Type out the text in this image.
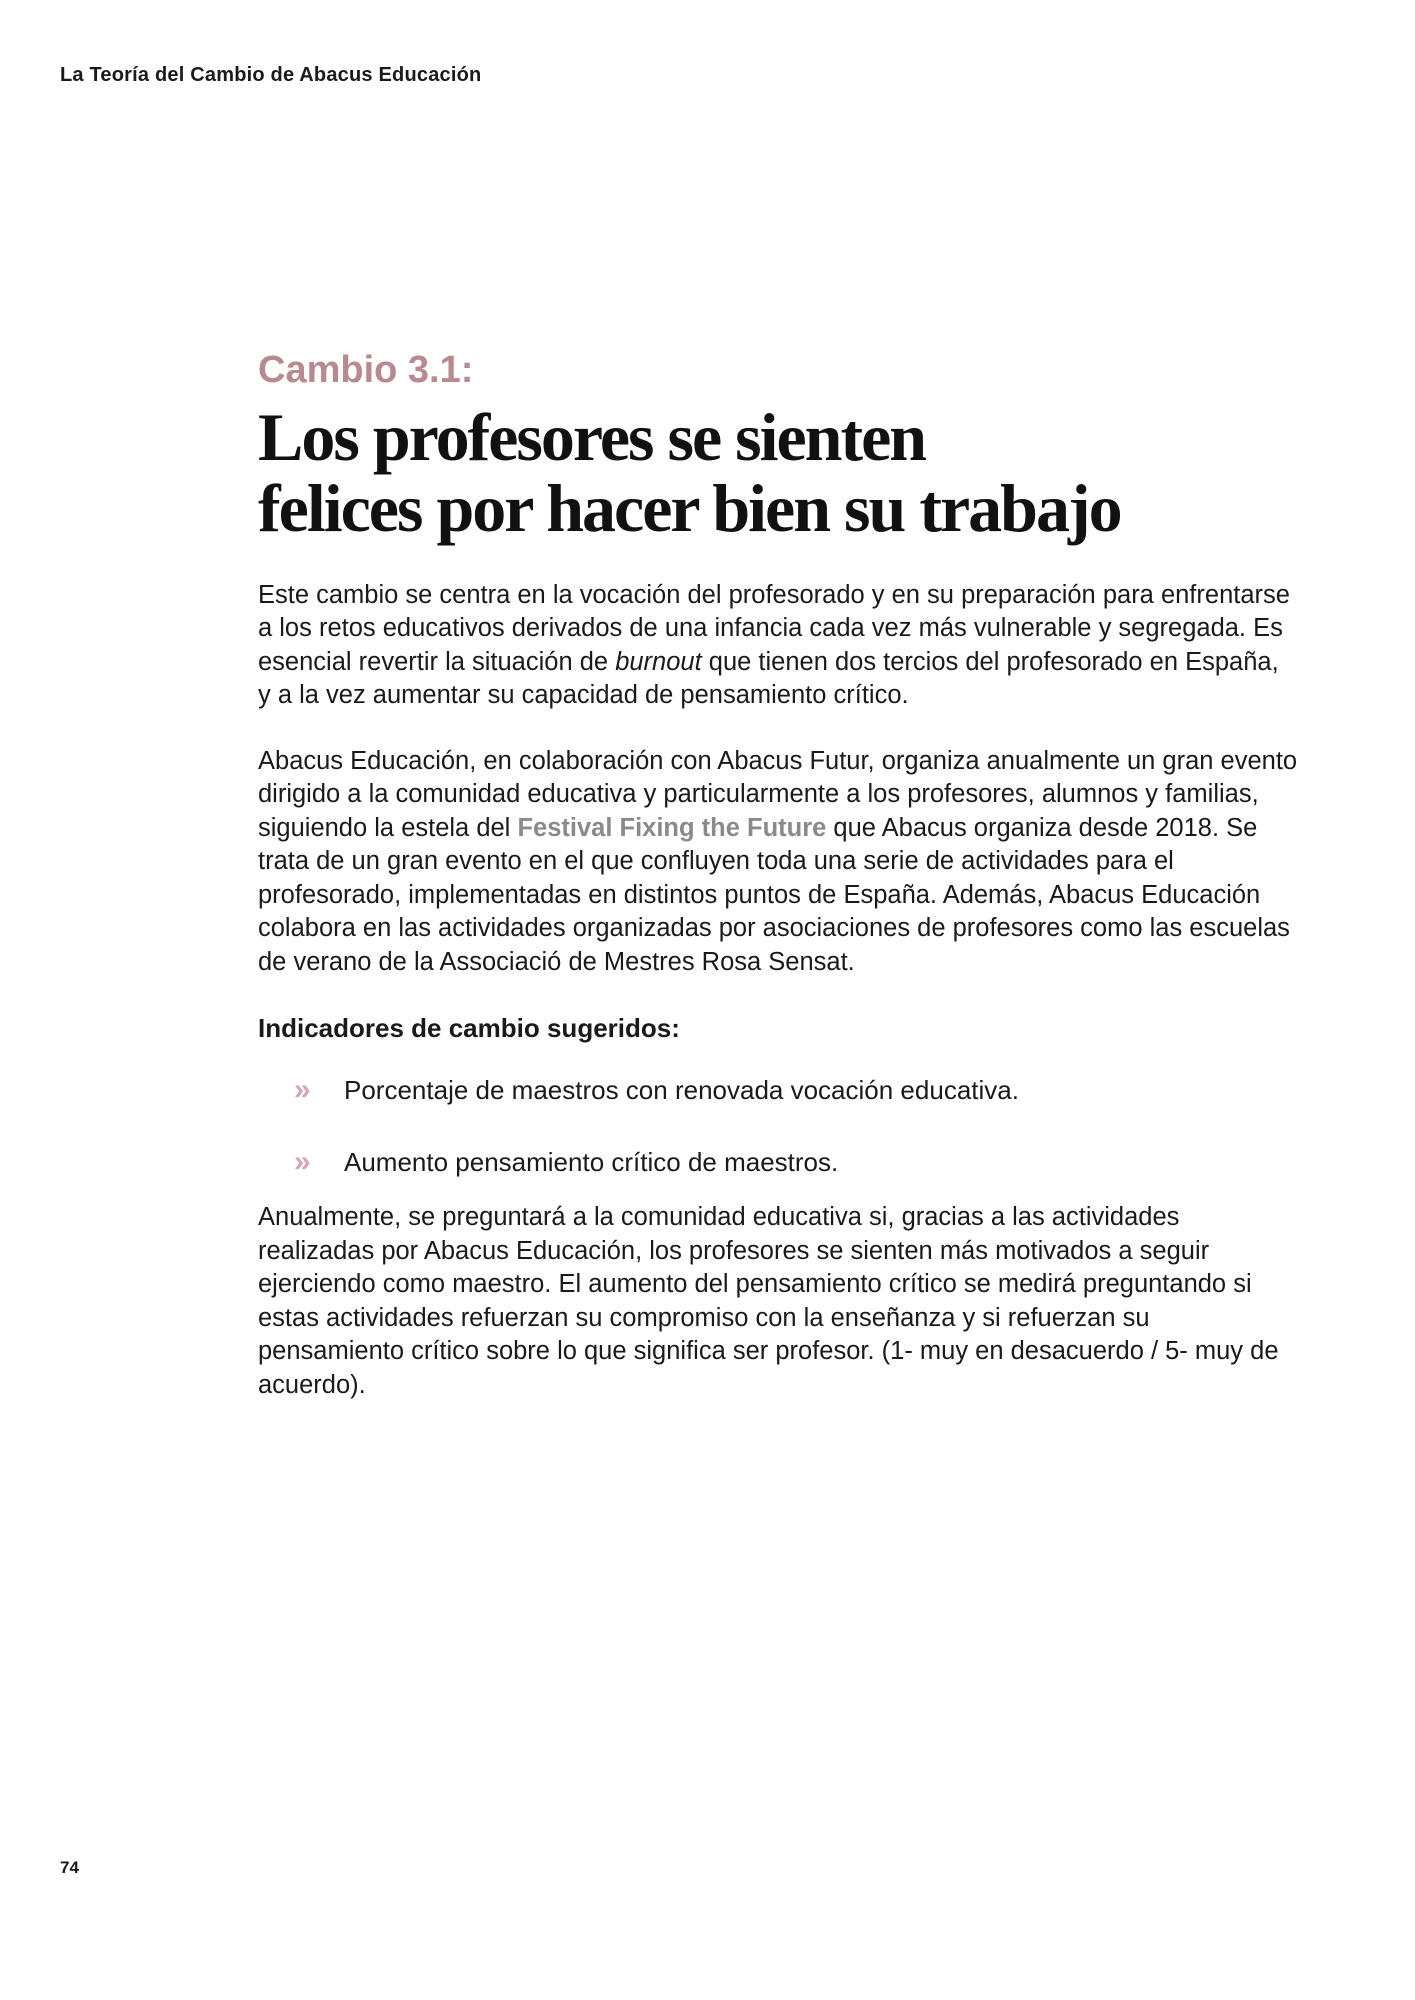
La Teoría del Cambio de Abacus Educación
Cambio 3.1:
Los profesores se sienten
felices por hacer bien su trabajo

Este cambio se centra en la vocación del profesorado y en su preparación para enfrentarse a los retos educativos derivados de una infancia cada vez más vulnerable y segregada. Es esencial revertir la situación de burnout que tienen dos tercios del profesorado en España, y a la vez aumentar su capacidad de pensamiento crítico.

Abacus Educación, en colaboración con Abacus Futur, organiza anualmente un gran evento dirigido a la comunidad educativa y particularmente a los profesores, alumnos y familias, siguiendo la estela del Festival Fixing the Future que Abacus organiza desde 2018. Se trata de un gran evento en el que confluyen toda una serie de actividades para el profesorado, implementadas en distintos puntos de España. Además, Abacus Educación colabora en las actividades organizadas por asociaciones de profesores como las escuelas de verano de la Associació de Mestres Rosa Sensat.

Indicadores de cambio sugeridos:
» Porcentaje de maestros con renovada vocación educativa.
» Aumento pensamiento crítico de maestros.

Anualmente, se preguntará a la comunidad educativa si, gracias a las actividades realizadas por Abacus Educación, los profesores se sienten más motivados a seguir ejerciendo como maestro. El aumento del pensamiento crítico se medirá preguntando si estas actividades refuerzan su compromiso con la enseñanza y si refuerzan su pensamiento crítico sobre lo que significa ser profesor. (1- muy en desacuerdo / 5- muy de acuerdo).

74
